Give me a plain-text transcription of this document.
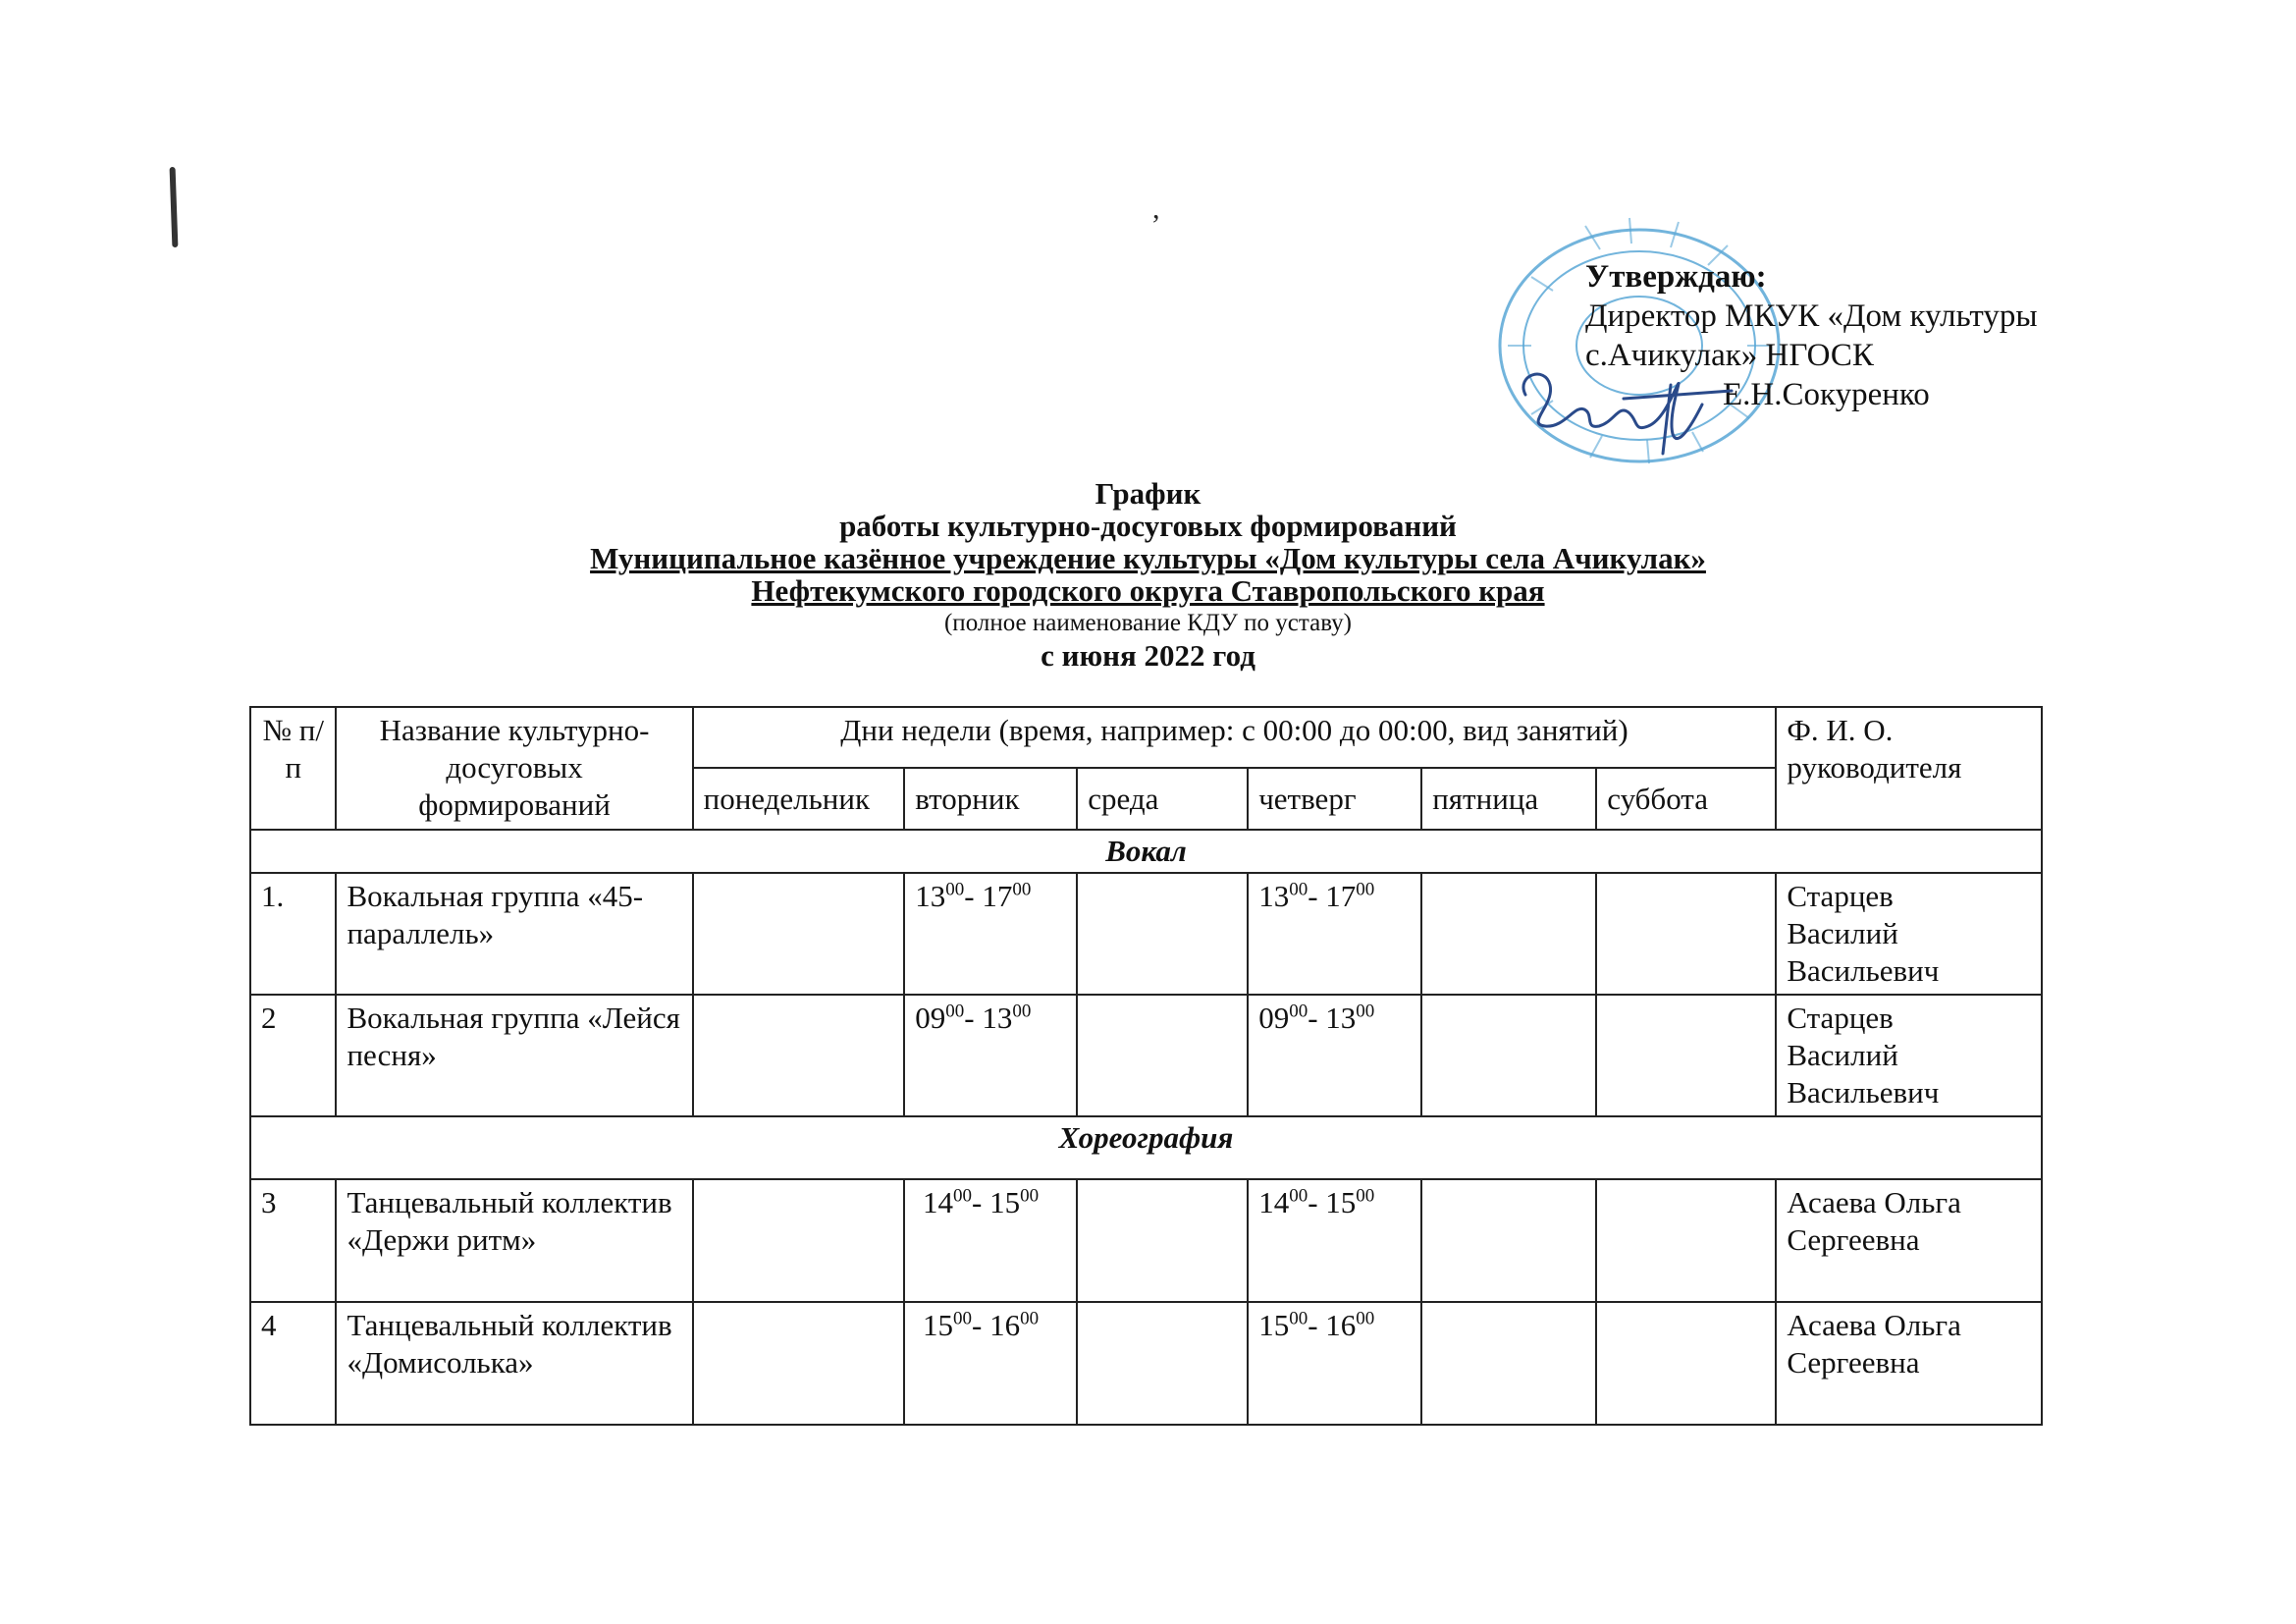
,
Утверждаю:
Директор МКУК «Дом культуры
с.Ачикулак» НГОСК
Е.Н.Сокуренко
График
работы культурно-досуговых формирований
Муниципальное казённое учреждение культуры «Дом культуры села Ачикулак»
Нефтекумского городского округа Ставропольского края
(полное наименование КДУ по уставу)
с июня 2022 год
№ п/п	Название культурно-досуговых формирований	Дни недели (время, например: с 00:00 до 00:00, вид занятий)						Ф. И. О. руководителя
		понедельник	вторник	среда	четверг	пятница	суббота	
Вокал								
1.	Вокальная группа «45-параллель»		$13^{00}-$ $17^{00}$		$13^{00}-$ $17^{00}$			Старцев
Василий
Васильевич

2	Вокальная группа «Лейся песня»		$09^{00}-$ $13^{00}$		$09^{00}-$ $13^{00}$			Старцев
Василий
Васильевич

Хореография								
3	Танцевальный коллектив «Держи ритм»		$14^{00}-$ $15^{00}$		$14^{00}-$ $15^{00}$			Асаева Ольга
Сергеевна

4	Танцевальный коллектив «Домисолька»		$15^{00}-$ $16^{00}$		$15^{00}-$ $16^{00}$			Асаева Ольга
Сергеевна
